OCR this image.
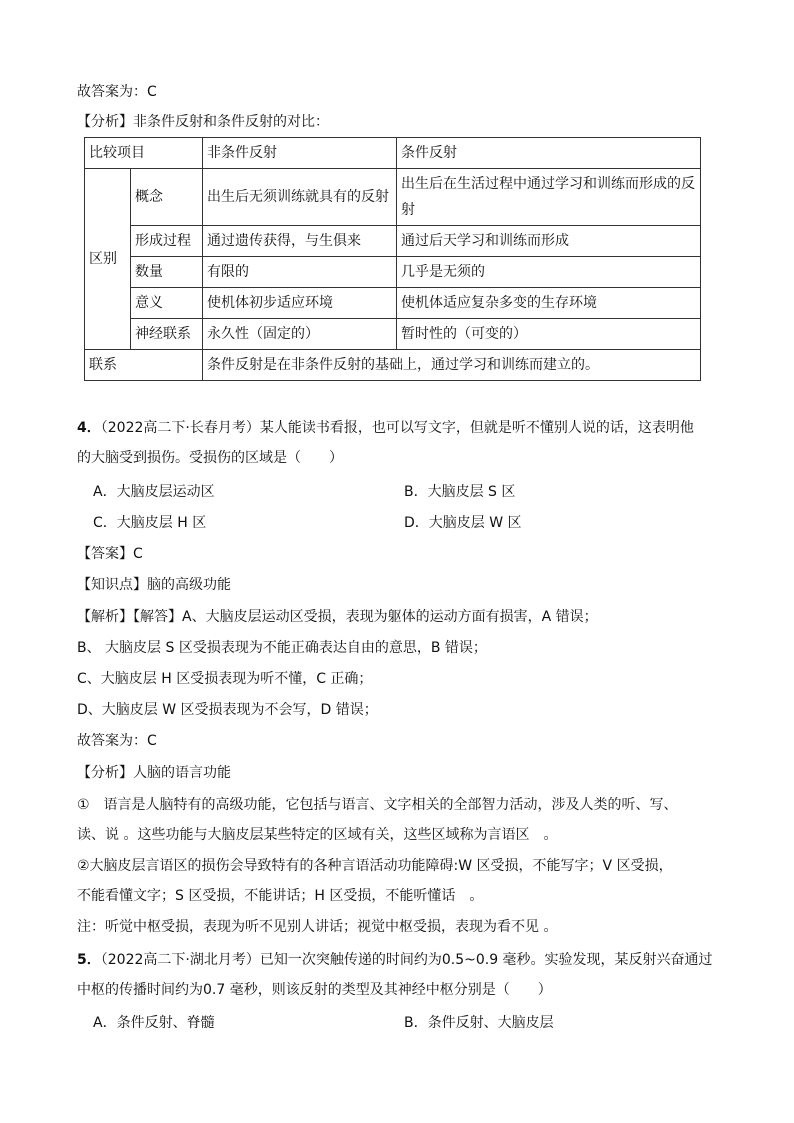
故答案为：C
【分析】非条件反射和条件反射的对比：
比较项目		非条件反射	条件反射
区别	概念	出生后无须训练就具有的反射	出生后在生活过程中通过学习和训练而形成的反射
	形成过程	通过遗传获得，与生俱来	通过后天学习和训练而形成
	数量	有限的	几乎是无须的
	意义	使机体初步适应环境	使机体适应复杂多变的生存环境
	神经联系	永久性（固定的）	暂时性的（可变的）
联系		条件反射是在非条件反射的基础上，通过学习和训练而建立的。	
4．（2022高二下·长春月考）某人能读书看报，也可以写文字，但就是听不懂别人说的话，这表明他
的大脑受到损伤。受损伤的区域是（　　）
A．大脑皮层运动区	B．大脑皮层 S 区
C．大脑皮层 H 区	D．大脑皮层 W 区
【答案】C
【知识点】脑的高级功能
【解析】【解答】A、大脑皮层运动区受损，表现为躯体的运动方面有损害，A 错误；
B、 大脑皮层 S 区受损表现为不能正确表达自由的意思，B 错误；
C、大脑皮层 H 区受损表现为听不懂，C 正确；
D、大脑皮层 W 区受损表现为不会写，D 错误；
故答案为：C
【分析】人脑的语言功能
①　语言是人脑特有的高级功能，它包括与语言、文字相关的全部智力活动，涉及人类的听、写、
读、说 。这些功能与大脑皮层某些特定的区域有关，这些区域称为言语区　。
②大脑皮层言语区的损伤会导致特有的各种言语活动功能障碍:W 区受损，不能写字；V 区受损，
不能看懂文字；S 区受损，不能讲话；H 区受损，不能听懂话　。
注：听觉中枢受损，表现为听不见别人讲话；视觉中枢受损，表现为看不见 。
5．（2022高二下·湖北月考）已知一次突触传递的时间约为0.5~0.9 毫秒。实验发现，某反射兴奋通过
中枢的传播时间约为0.7 毫秒，则该反射的类型及其神经中枢分别是（　　）
A．条件反射、脊髓	B．条件反射、大脑皮层
